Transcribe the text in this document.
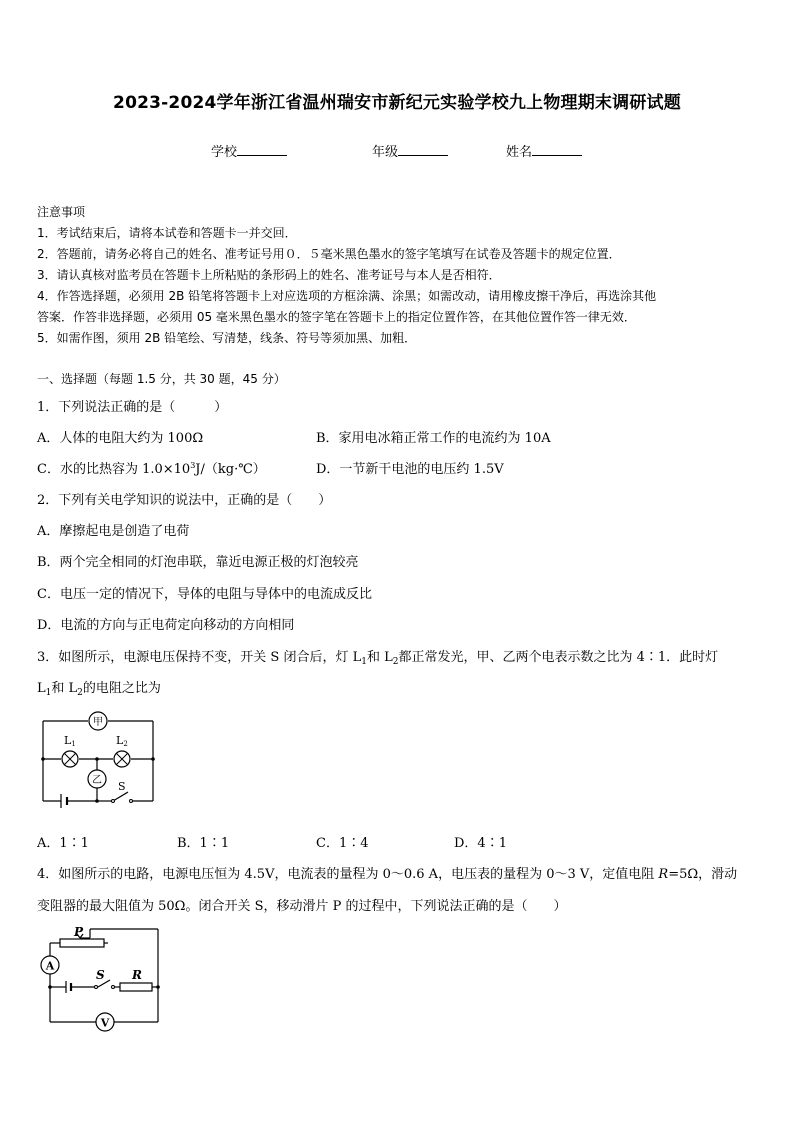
2023-2024学年浙江省温州瑞安市新纪元实验学校九上物理期末调研试题
学校	年级	姓名
注意事项
1．考试结束后，请将本试卷和答题卡一并交回．
2．答题前，请务必将自己的姓名、准考证号用０．５毫米黑色墨水的签字笔填写在试卷及答题卡的规定位置．
3．请认真核对监考员在答题卡上所粘贴的条形码上的姓名、准考证号与本人是否相符．
4．作答选择题，必须用 2B 铅笔将答题卡上对应选项的方框涂满、涂黑；如需改动，请用橡皮擦干净后，再选涂其他
答案．作答非选择题，必须用 05 毫米黑色墨水的签字笔在答题卡上的指定位置作答，在其他位置作答一律无效．
5．如需作图，须用 2B 铅笔绘、写清楚，线条、符号等须加黑、加粗．
一、选择题（每题 1.5 分，共 30 题，45 分）
1．下列说法正确的是（　　　）
A．人体的电阻大约为 100Ω	B．家用电冰箱正常工作的电流约为 10A
C．水的比热容为 $1.0\times 10^3J/(kg\cdot℃)$	D．一节新干电池的电压约 1.5V
2．下列有关电学知识的说法中，正确的是（　　）
A．摩擦起电是创造了电荷
B．两个完全相同的灯泡串联，靠近电源正极的灯泡较亮
C．电压一定的情况下，导体的电阻与导体中的电流成反比
D．电流的方向与正电荷定向移动的方向相同
3．如图所示，电源电压保持不变，开关 S 闭合后，灯 $L_1$和 $L_2$都正常发光，甲、乙两个电表示数之比为 4∶1．此时灯
$L_1$和 $L_2$的电阻之比为
甲
L1	L2
乙 S
A．1∶1	B．1∶1	C．1∶4	D．4∶1
4．如图所示的电路，电源电压恒为 4.5V，电流表的量程为 0～0.6 A，电压表的量程为 0～3 V，定值电阻 R=5Ω，滑动
变阻器的最大阻值为 50Ω。闭合开关 S，移动滑片 P 的过程中，下列说法正确的是（　　）
P
A
S R
V
